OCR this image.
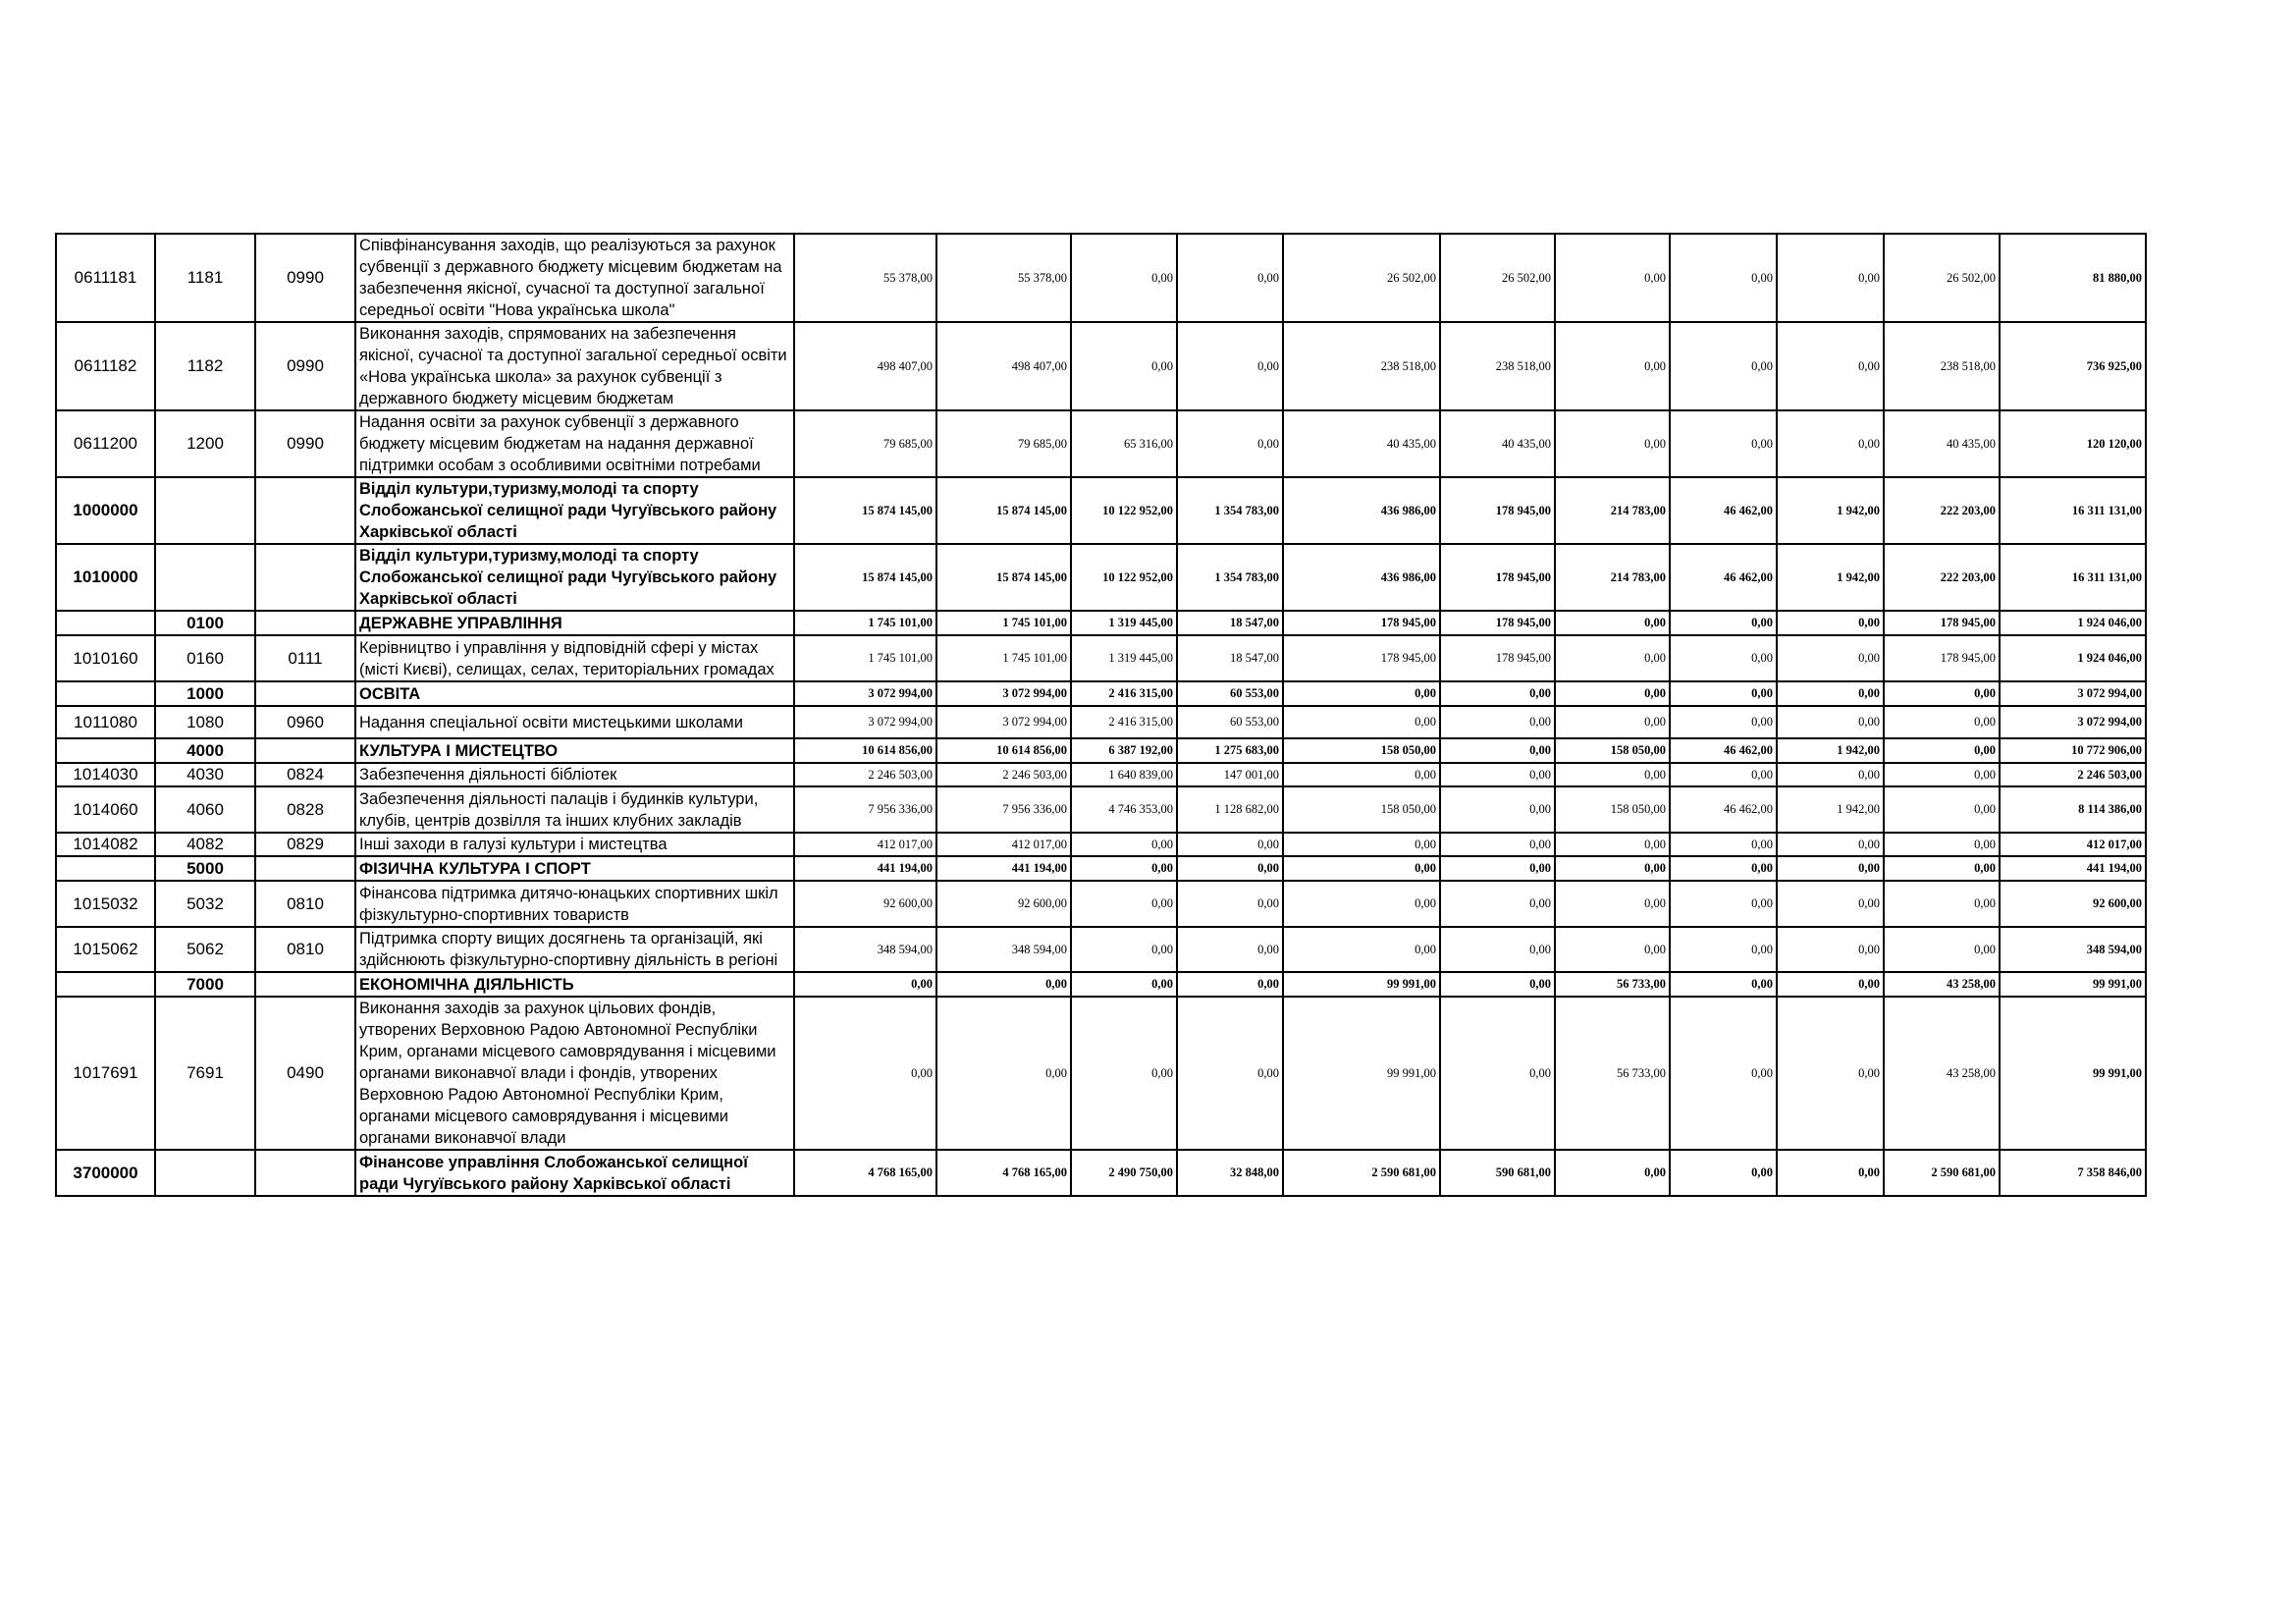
0611181	1181	0990	Співфінансування заходів, що реалізуються за рахунок субвенції з державного бюджету місцевим бюджетам на забезпечення якісної, сучасної та доступної загальної середньої освіти "Нова українська школа"	55 378,00	55 378,00	0,00	0,00	26 502,00	26 502,00	0,00	0,00	0,00	26 502,00	81 880,00
0611182	1182	0990	Виконання заходів, спрямованих на забезпечення якісної, сучасної та доступної загальної середньої освіти «Нова українська школа» за рахунок субвенції з державного бюджету місцевим бюджетам	498 407,00	498 407,00	0,00	0,00	238 518,00	238 518,00	0,00	0,00	0,00	238 518,00	736 925,00
0611200	1200	0990	Надання освіти за рахунок субвенції з державного бюджету місцевим бюджетам на надання державної підтримки особам з особливими освітніми потребами	79 685,00	79 685,00	65 316,00	0,00	40 435,00	40 435,00	0,00	0,00	0,00	40 435,00	120 120,00
1000000			Відділ культури,туризму,молоді та спорту Слобожанської селищної ради Чугуївського району Харківської області	15 874 145,00	15 874 145,00	10 122 952,00	1 354 783,00	436 986,00	178 945,00	214 783,00	46 462,00	1 942,00	222 203,00	16 311 131,00
1010000			Відділ культури,туризму,молоді та спорту Слобожанської селищної ради Чугуївського району Харківської області	15 874 145,00	15 874 145,00	10 122 952,00	1 354 783,00	436 986,00	178 945,00	214 783,00	46 462,00	1 942,00	222 203,00	16 311 131,00
	0100		ДЕРЖАВНЕ УПРАВЛІННЯ	1 745 101,00	1 745 101,00	1 319 445,00	18 547,00	178 945,00	178 945,00	0,00	0,00	0,00	178 945,00	1 924 046,00
1010160	0160	0111	Керівництво і управління у відповідній сфері у містах (місті Києві), селищах, селах, територіальних громадах	1 745 101,00	1 745 101,00	1 319 445,00	18 547,00	178 945,00	178 945,00	0,00	0,00	0,00	178 945,00	1 924 046,00
	1000		ОСВІТА	3 072 994,00	3 072 994,00	2 416 315,00	60 553,00	0,00	0,00	0,00	0,00	0,00	0,00	3 072 994,00
1011080	1080	0960	Надання спеціальної освіти мистецькими школами	3 072 994,00	3 072 994,00	2 416 315,00	60 553,00	0,00	0,00	0,00	0,00	0,00	0,00	3 072 994,00
	4000		КУЛЬТУРА І МИСТЕЦТВО	10 614 856,00	10 614 856,00	6 387 192,00	1 275 683,00	158 050,00	0,00	158 050,00	46 462,00	1 942,00	0,00	10 772 906,00
1014030	4030	0824	Забезпечення діяльності бібліотек	2 246 503,00	2 246 503,00	1 640 839,00	147 001,00	0,00	0,00	0,00	0,00	0,00	0,00	2 246 503,00
1014060	4060	0828	Забезпечення діяльності палаців i будинків культури, клубів, центрів дозвілля та iнших клубних закладів	7 956 336,00	7 956 336,00	4 746 353,00	1 128 682,00	158 050,00	0,00	158 050,00	46 462,00	1 942,00	0,00	8 114 386,00
1014082	4082	0829	Інші заходи в галузі культури і мистецтва	412 017,00	412 017,00	0,00	0,00	0,00	0,00	0,00	0,00	0,00	0,00	412 017,00
	5000		ФІЗИЧНА КУЛЬТУРА І СПОРТ	441 194,00	441 194,00	0,00	0,00	0,00	0,00	0,00	0,00	0,00	0,00	441 194,00
1015032	5032	0810	Фінансова підтримка дитячо-юнацьких спортивних шкіл фізкультурно-спортивних товариств	92 600,00	92 600,00	0,00	0,00	0,00	0,00	0,00	0,00	0,00	0,00	92 600,00
1015062	5062	0810	Підтримка спорту вищих досягнень та організацій, які здійснюють фізкультурно-спортивну діяльність в регіоні	348 594,00	348 594,00	0,00	0,00	0,00	0,00	0,00	0,00	0,00	0,00	348 594,00
	7000		ЕКОНОМІЧНА ДІЯЛЬНІСТЬ	0,00	0,00	0,00	0,00	99 991,00	0,00	56 733,00	0,00	0,00	43 258,00	99 991,00
1017691	7691	0490	Виконання заходів за рахунок цільових фондів, утворених Верховною Радою Автономної Республіки Крим, органами місцевого самоврядування і місцевими органами виконавчої влади і фондів, утворених Верховною Радою Автономної Республіки Крим, органами місцевого самоврядування і місцевими органами виконавчої влади	0,00	0,00	0,00	0,00	99 991,00	0,00	56 733,00	0,00	0,00	43 258,00	99 991,00
3700000			Фінансове управління Слобожанської селищної ради Чугуївського району Харківської області	4 768 165,00	4 768 165,00	2 490 750,00	32 848,00	2 590 681,00	590 681,00	0,00	0,00	0,00	2 590 681,00	7 358 846,00
